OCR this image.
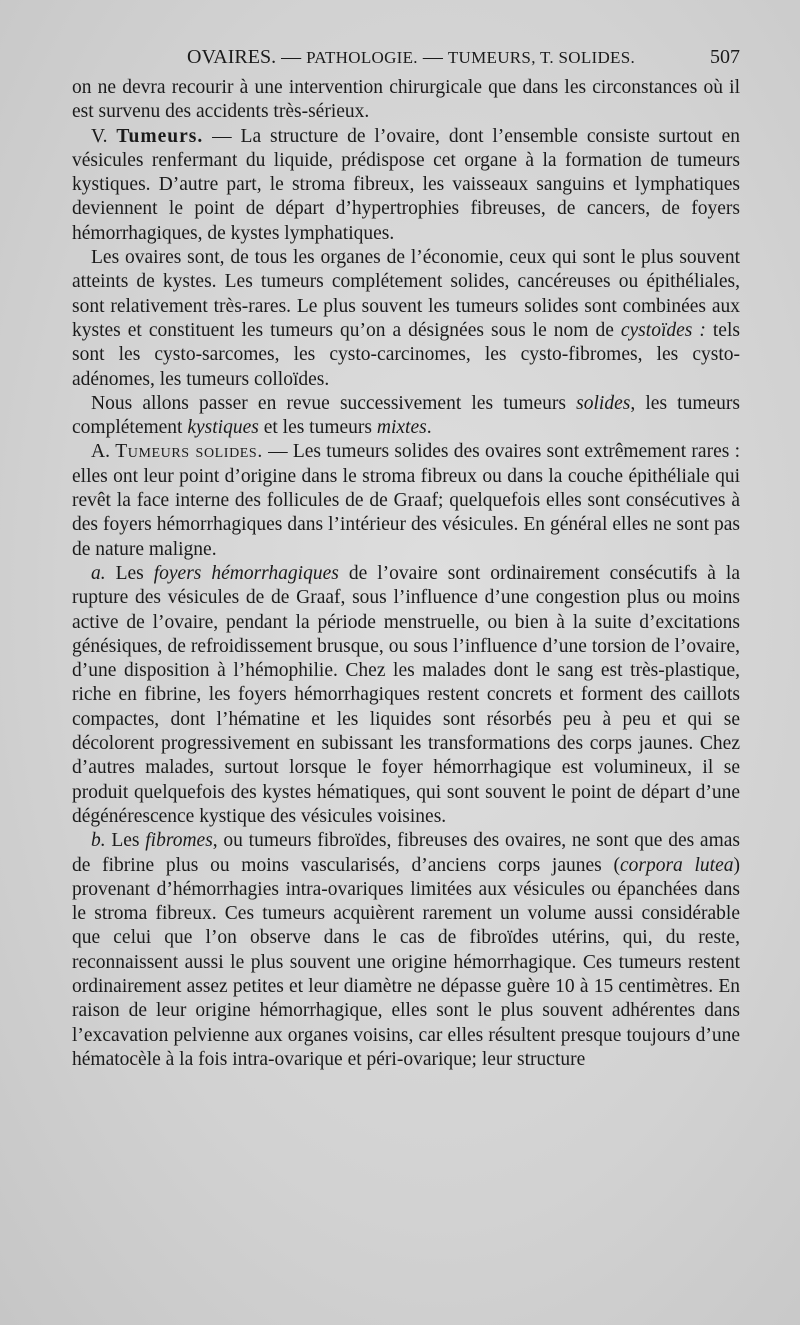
OVAIRES. — PATHOLOGIE. — TUMEURS, T. SOLIDES.	507

on ne devra recourir à une intervention chirurgicale que dans les circonstances où il est survenu des accidents très-sérieux.

V. Tumeurs. — La structure de l’ovaire, dont l’ensemble consiste surtout en vésicules renfermant du liquide, prédispose cet organe à la formation de tumeurs kystiques. D’autre part, le stroma fibreux, les vaisseaux sanguins et lymphatiques deviennent le point de départ d’hypertrophies fibreuses, de cancers, de foyers hémorrhagiques, de kystes lymphatiques.

Les ovaires sont, de tous les organes de l’économie, ceux qui sont le plus souvent atteints de kystes. Les tumeurs complétement solides, cancéreuses ou épithéliales, sont relativement très-rares. Le plus souvent les tumeurs solides sont combinées aux kystes et constituent les tumeurs qu’on a désignées sous le nom de cystoïdes : tels sont les cysto-sarcomes, les cysto-carcinomes, les cysto-fibromes, les cysto-adénomes, les tumeurs colloïdes.

Nous allons passer en revue successivement les tumeurs solides, les tumeurs complétement kystiques et les tumeurs mixtes.

A. Tumeurs solides. — Les tumeurs solides des ovaires sont extrêmement rares : elles ont leur point d’origine dans le stroma fibreux ou dans la couche épithéliale qui revêt la face interne des follicules de de Graaf; quelquefois elles sont consécutives à des foyers hémorrhagiques dans l’intérieur des vésicules. En général elles ne sont pas de nature maligne.

a. Les foyers hémorrhagiques de l’ovaire sont ordinairement consécutifs à la rupture des vésicules de de Graaf, sous l’influence d’une congestion plus ou moins active de l’ovaire, pendant la période menstruelle, ou bien à la suite d’excitations génésiques, de refroidissement brusque, ou sous l’influence d’une torsion de l’ovaire, d’une disposition à l’hémophilie. Chez les malades dont le sang est très-plastique, riche en fibrine, les foyers hémorrhagiques restent concrets et forment des caillots compactes, dont l’hématine et les liquides sont résorbés peu à peu et qui se décolorent progressivement en subissant les transformations des corps jaunes. Chez d’autres malades, surtout lorsque le foyer hémorrhagique est volumineux, il se produit quelquefois des kystes hématiques, qui sont souvent le point de départ d’une dégénérescence kystique des vésicules voisines.

b. Les fibromes, ou tumeurs fibroïdes, fibreuses des ovaires, ne sont que des amas de fibrine plus ou moins vascularisés, d’anciens corps jaunes (corpora lutea) provenant d’hémorrhagies intra-ovariques limitées aux vésicules ou épanchées dans le stroma fibreux. Ces tumeurs acquièrent rarement un volume aussi considérable que celui que l’on observe dans le cas de fibroïdes utérins, qui, du reste, reconnaissent aussi le plus souvent une origine hémorrhagique. Ces tumeurs restent ordinairement assez petites et leur diamètre ne dépasse guère 10 à 15 centimètres. En raison de leur origine hémorrhagique, elles sont le plus souvent adhérentes dans l’excavation pelvienne aux organes voisins, car elles résultent presque toujours d’une hématocèle à la fois intra-ovarique et péri-ovarique; leur structure
